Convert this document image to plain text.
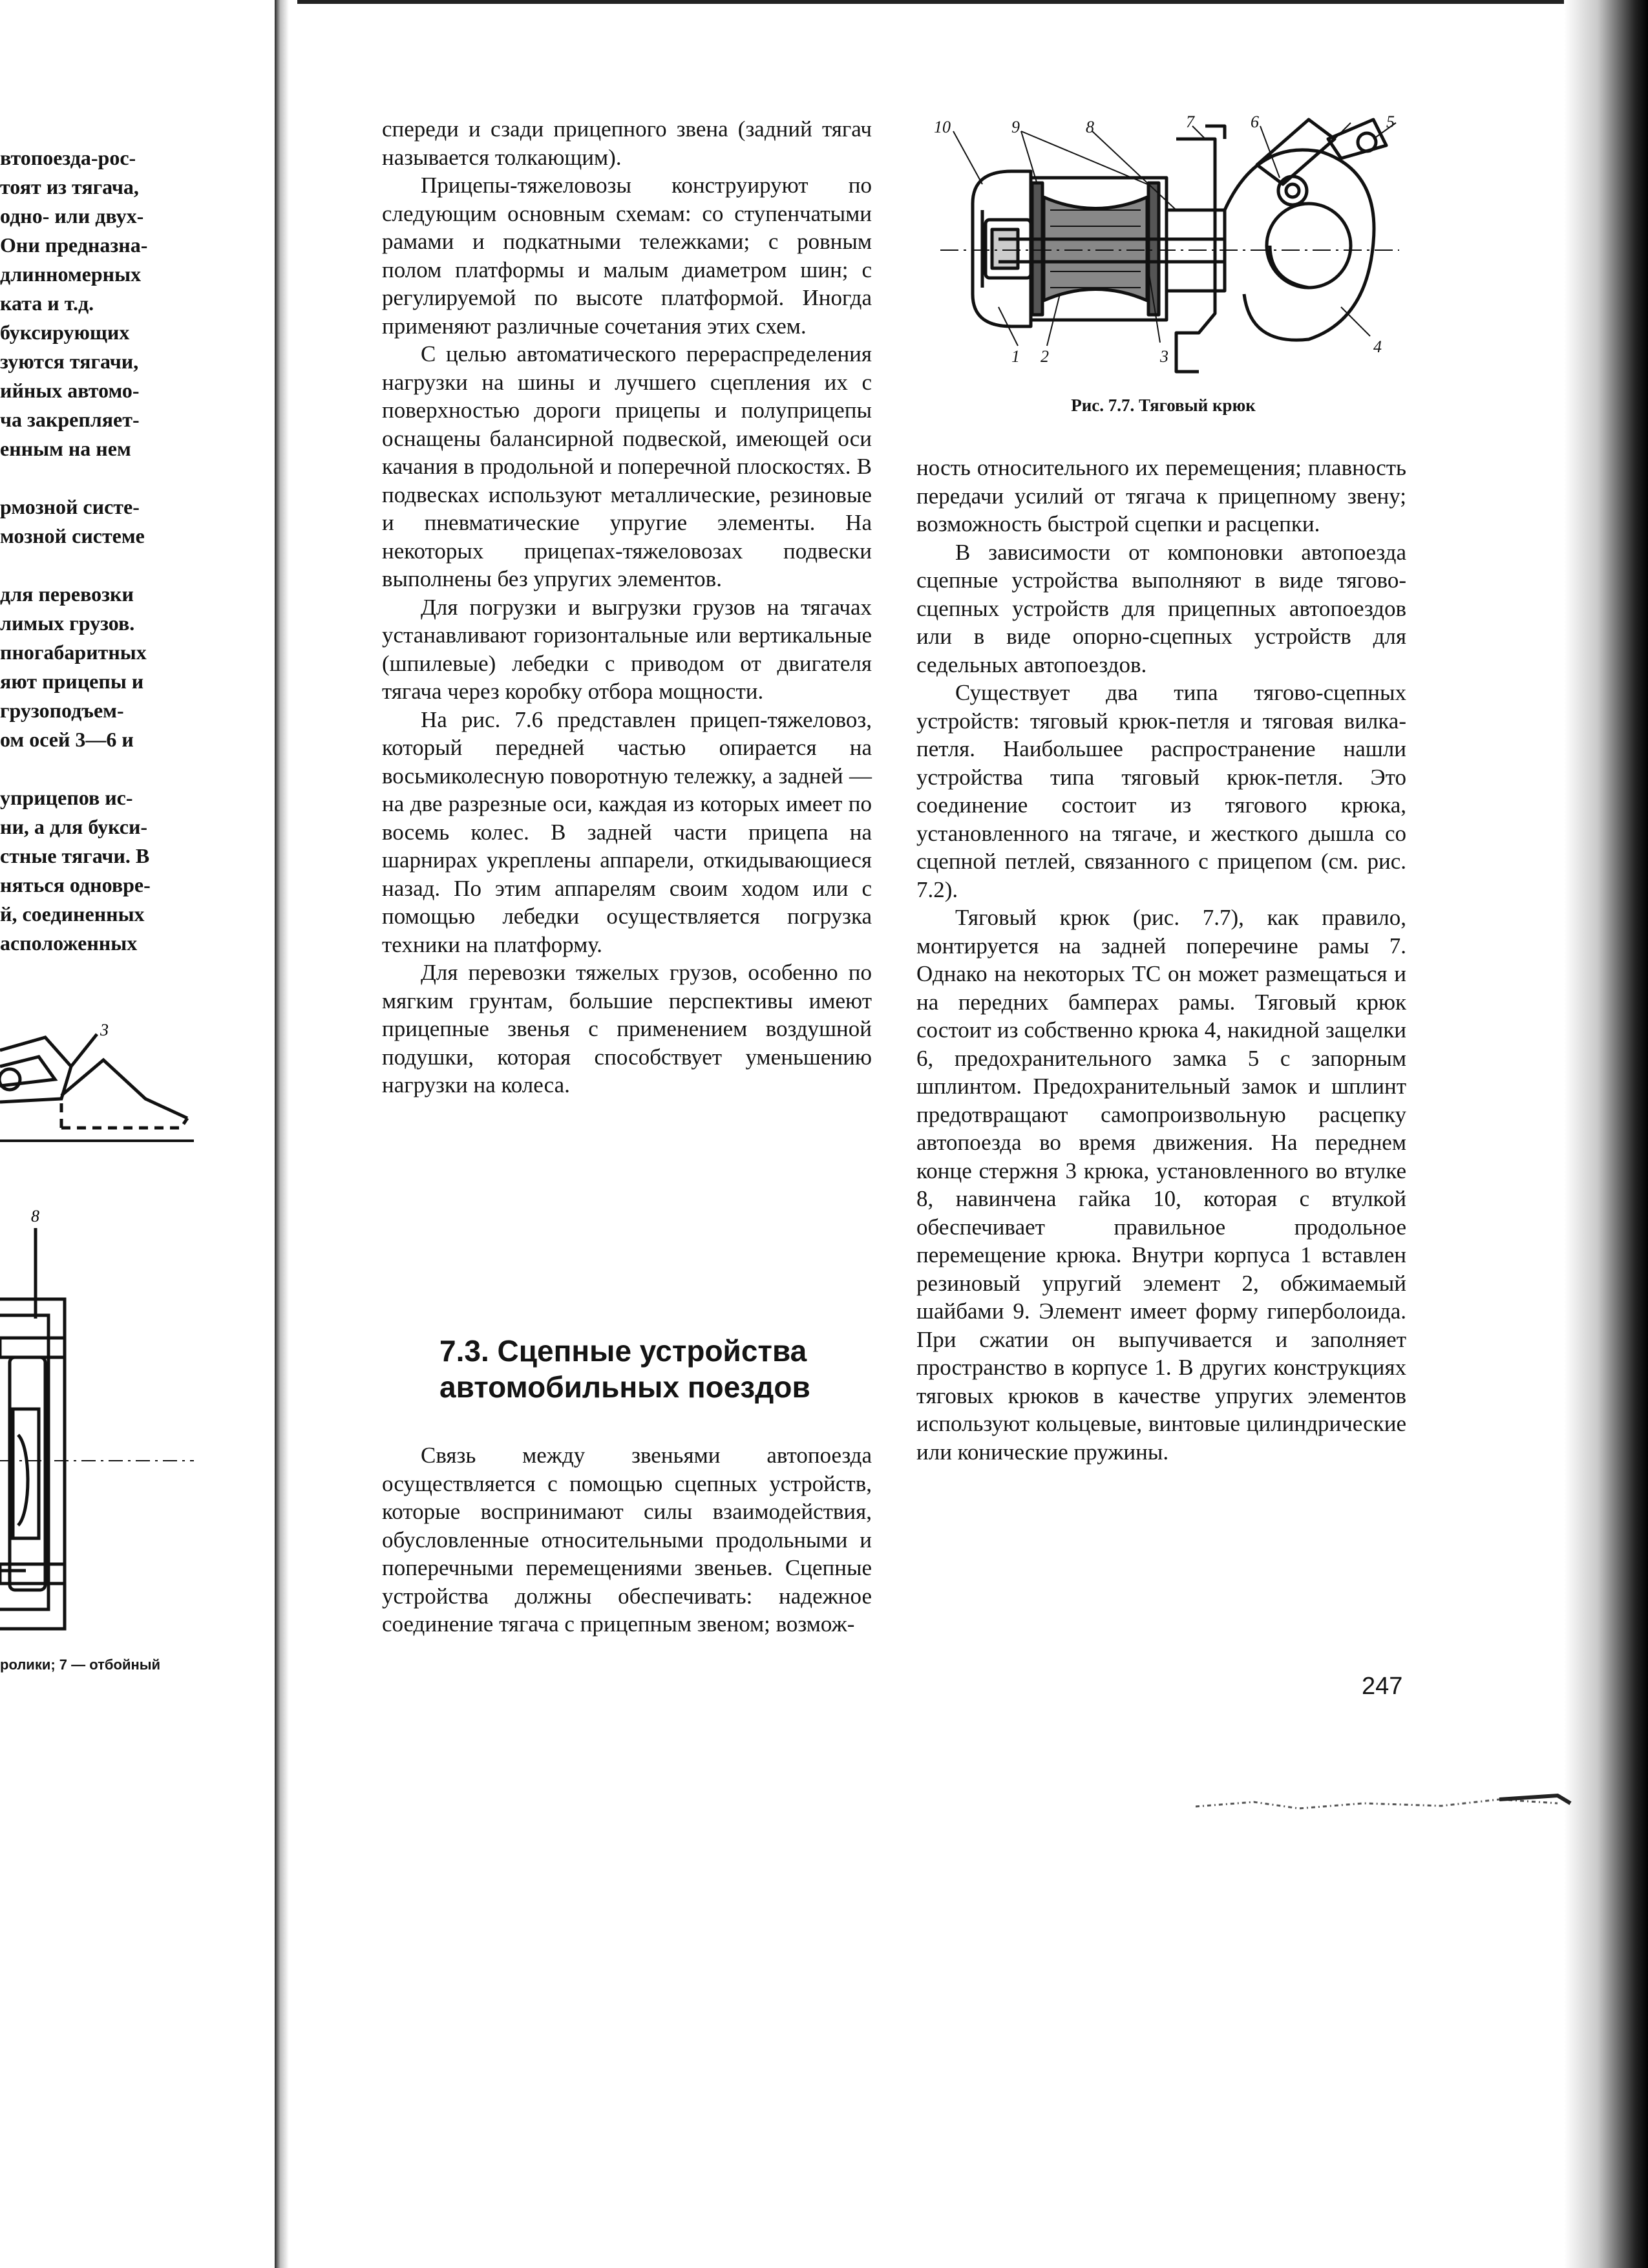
втопоезда-рос-
тоят из тягача,
одно- или двух-
Они предназна-
длинномерных
ката и т.д.
буксирующих
зуются тягачи,
ийных автомо-
ча закрепляет-
енным на нем
рмозной систе-
мозной системе
для перевозки
лимых грузов.
пногабаритных
яют прицепы и
грузоподъем-
ом осей 3—6 и
уприцепов ис-
ни, а для букси-
стные тягачи. В
няться одновре-
й, соединенных
асположенных
3
8
ролики; 7 — отбойный

спереди и сзади прицепного звена (задний тягач называется толкающим).

Прицепы-тяжеловозы конструируют по следующим основным схемам: со ступенчатыми рамами и подкатными тележками; с ровным полом платформы и малым диаметром шин; с регулируемой по высоте платформой. Иногда применяют различные сочетания этих схем.

С целью автоматического перераспределения нагрузки на шины и лучшего сцепления их с поверхностью дороги прицепы и полуприцепы оснащены балансирной подвеской, имеющей оси качания в продольной и поперечной плоскостях. В подвесках используют металлические, резиновые и пневматические упругие элементы. На некоторых прицепах-тяжеловозах подвески выполнены без упругих элементов.

Для погрузки и выгрузки грузов на тягачах устанавливают горизонтальные или вертикальные (шпилевые) лебедки с приводом от двигателя тягача через коробку отбора мощности.

На рис. 7.6 представлен прицеп-тяжеловоз, который передней частью опирается на восьмиколесную поворотную тележку, а задней — на две разрезные оси, каждая из которых имеет по восемь колес. В задней части прицепа на шарнирах укреплены аппарели, откидывающиеся назад. По этим аппарелям своим ходом или с помощью лебедки осуществляется погрузка техники на платформу.

Для перевозки тяжелых грузов, особенно по мягким грунтам, большие перспективы имеют прицепные звенья с применением воздушной подушки, которая способствует уменьшению нагрузки на колеса.

7.3. Сцепные устройства
автомобильных поездов

Связь между звеньями автопоезда осуществляется с помощью сцепных устройств, которые воспринимают силы взаимодействия, обусловленные относительными продольными и поперечными перемещениями звеньев. Сцепные устройства должны обеспечивать: надежное соединение тягача с прицепным звеном; возмож-

10	9	8	7	6	5
1 2	3
4
Рис. 7.7. Тяговый крюк

ность относительного их перемещения; плавность передачи усилий от тягача к прицепному звену; возможность быстрой сцепки и расцепки.

В зависимости от компоновки автопоезда сцепные устройства выполняют в виде тягово-сцепных устройств для прицепных автопоездов или в виде опорно-сцепных устройств для седельных автопоездов.

Существует два типа тягово-сцепных устройств: тяговый крюк-петля и тяговая вилка-петля. Наибольшее распространение нашли устройства типа тяговый крюк-петля. Это соединение состоит из тягового крюка, установленного на тягаче, и жесткого дышла со сцепной петлей, связанного с прицепом (см. рис. 7.2).

Тяговый крюк (рис. 7.7), как правило, монтируется на задней поперечине рамы 7. Однако на некоторых ТС он может размещаться и на передних бамперах рамы. Тяговый крюк состоит из собственно крюка 4, накидной защелки 6, предохранительного замка 5 с запорным шплинтом. Предохранительный замок и шплинт предотвращают самопроизвольную расцепку автопоезда во время движения. На переднем конце стержня 3 крюка, установленного во втулке 8, навинчена гайка 10, которая с втулкой обеспечивает правильное продольное перемещение крюка. Внутри корпуса 1 вставлен резиновый упругий элемент 2, обжимаемый шайбами 9. Элемент имеет форму гиперболоида. При сжатии он выпучивается и заполняет пространство в корпусе 1. В других конструкциях тяговых крюков в качестве упругих элементов используют кольцевые, винтовые цилиндрические или конические пружины.

247
